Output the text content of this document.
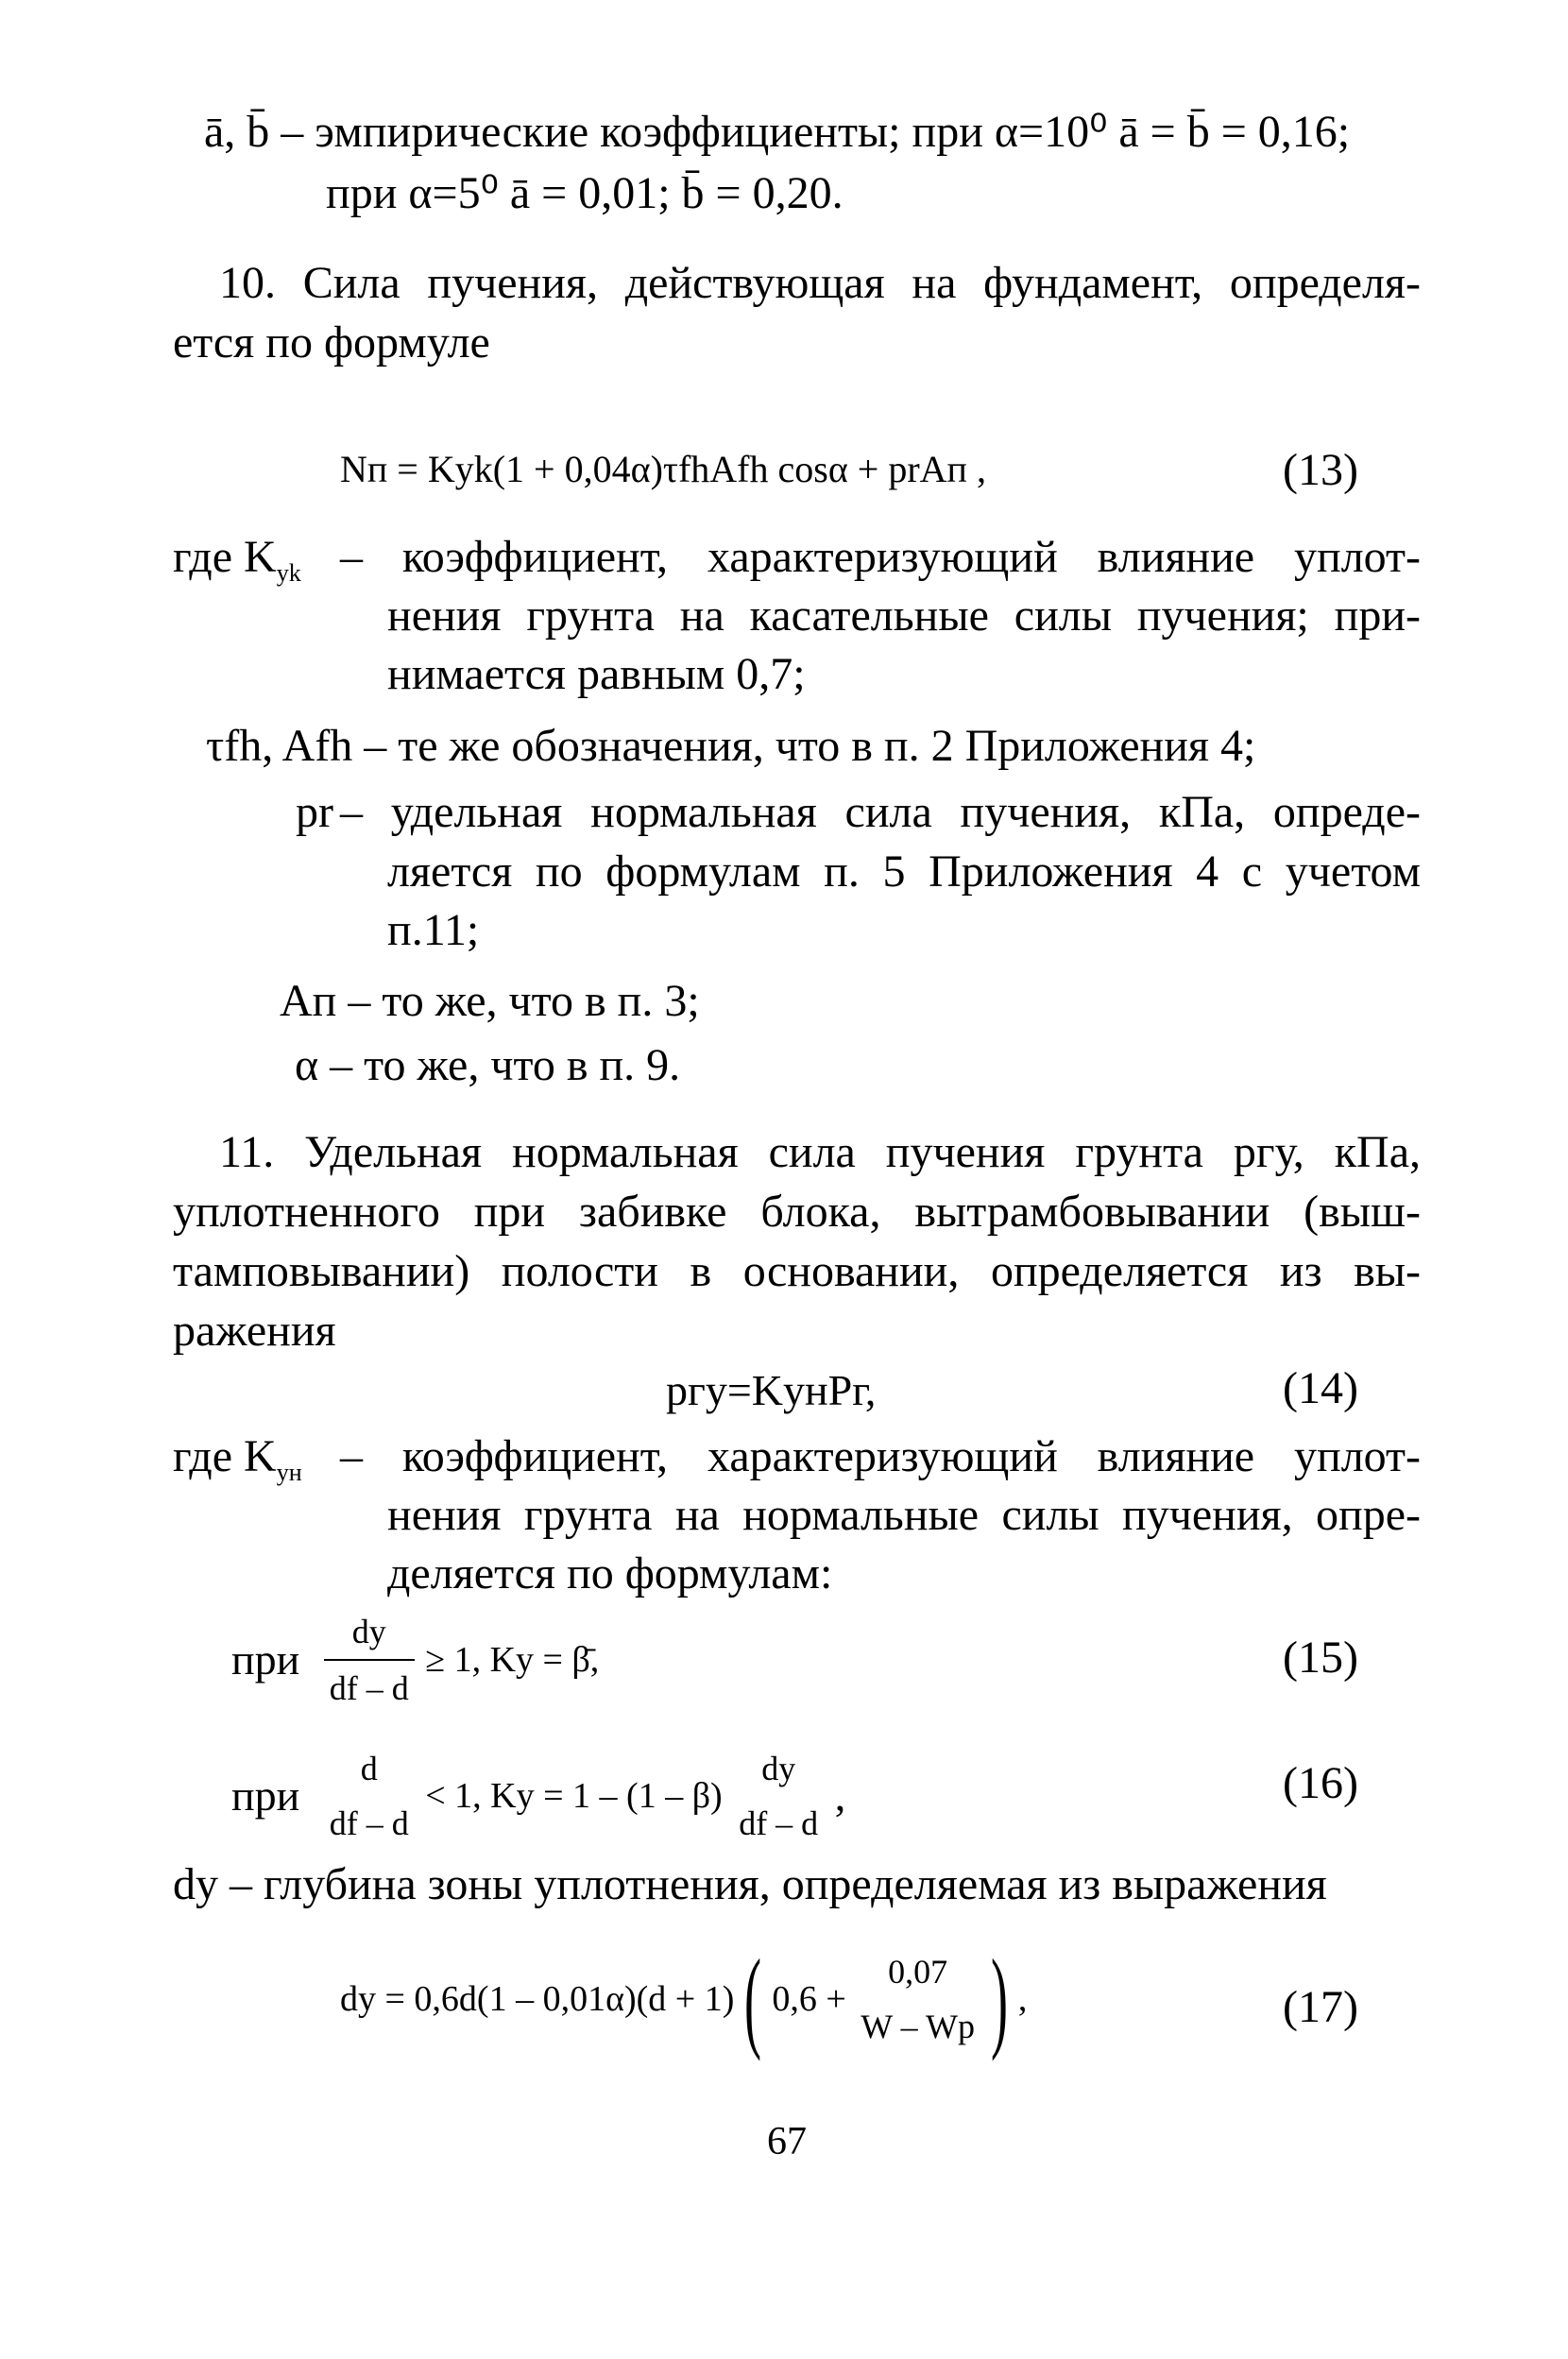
ā, b̄ – эмпирические коэффициенты; при α=10⁰ ā = b̄ = 0,16;
при α=5⁰ ā = 0,01; b̄ = 0,20.
10. Сила пучения, действующая на фундамент, определя-
ется по формуле
Nп = Kуk(1 + 0,04α)τfhAfh cosα + prAп ,	(13)
где $K_{yk}$ – коэффициент, характеризующий влияние уплот-
нения грунта на касательные силы пучения; при-
нимается равным 0,7;
τfh, Afh – те же обозначения, что в п. 2 Приложения 4;
pr – удельная нормальная сила пучения, кПа, опреде-
ляется по формулам п. 5 Приложения 4 с учетом
п.11;
Aп – то же, что в п. 3;
α – то же, что в п. 9.
11. Удельная нормальная сила пучения грунта pгу, кПа,
уплотненного при забивке блока, вытрамбовывании (выш-
тамповывании) полости в основании, определяется из вы-
ражения
pгу=KунPг,	(14)
где $K_{ун}$ – коэффициент, характеризующий влияние уплот-
нения грунта на нормальные силы пучения, опре-
деляется по формулам:
при $\frac{dу}{df - d} \ge 1$, Kу = β̄,	(15)
при
d
df – d
< 1, Kу = 1 – (1 – β)
dу
df – d
,	(16)
dу – глубина зоны уплотнения, определяемая из выражения
dу = 0,6d(1 – 0,01α)(d + 1)( 0,6 +
0,07
W – Wp ) ,	(17)
67
